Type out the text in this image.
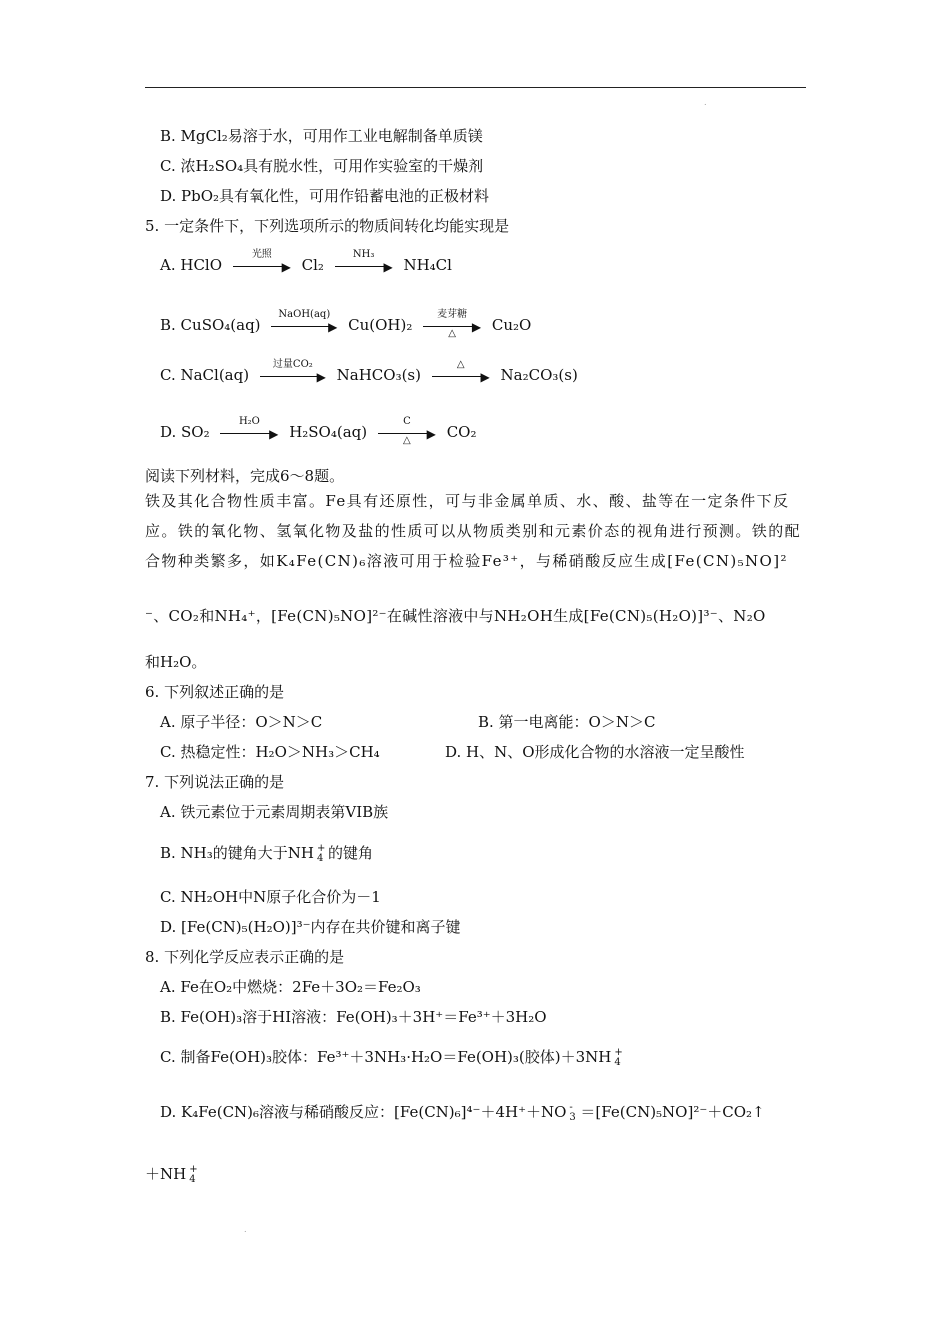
.
B. MgCl₂易溶于水，可用作工业电解制备单质镁
C. 浓H₂SO₄具有脱水性，可用作实验室的干燥剂
D. PbO₂具有氧化性，可用作铅蓄电池的正极材料
5. 一定条件下，下列选项所示的物质间转化均能实现是
A. HClO
光照
▶ Cl₂
NH₃
▶ NH₄Cl
B. CuSO₄(aq)
NaOH(aq)
▶ Cu(OH)₂
麦芽糖
▶
△	Cu₂O
C. NaCl(aq)
过量CO₂
▶ NaHCO₃(s)
△
▶ Na₂CO₃(s)
D. SO₂
H₂O
▶ H₂SO₄(aq)
C
▶
△	CO₂
阅读下列材料，完成6～8题。
铁及其化合物性质丰富。Fe具有还原性，可与非金属单质、水、酸、盐等在一定条件下反应。铁的氧化物、氢氧化物及盐的性质可以从物质类别和元素价态的视角进行预测。铁的配合物种类繁多，如K₄Fe(CN)₆溶液可用于检验Fe³⁺，与稀硝酸反应生成[Fe(CN)₅NO]²
⁻、CO₂和NH₄⁺，[Fe(CN)₅NO]²⁻在碱性溶液中与NH₂OH生成[Fe(CN)₅(H₂O)]³⁻、N₂O
和H₂O。
6. 下列叙述正确的是
A. 原子半径：O＞N＞C	B. 第一电离能：O＞N＞C
C. 热稳定性：H₂O＞NH₃＞CH₄	D. H、N、O形成化合物的水溶液一定呈酸性
7. 下列说法正确的是
A. 铁元素位于元素周期表第VIB族
B. NH₃的键角大于NH +
4 的键角
C. NH₂OH中N原子化合价为－1
D. [Fe(CN)₅(H₂O)]³⁻内存在共价键和离子键
8. 下列化学反应表示正确的是
A. Fe在O₂中燃烧：2Fe＋3O₂＝Fe₂O₃
B. Fe(OH)₃溶于HI溶液：Fe(OH)₃＋3H⁺＝Fe³⁺＋3H₂O
C. 制备Fe(OH)₃胶体：Fe³⁺＋3NH₃·H₂O＝Fe(OH)₃(胶体)＋3NH +
4
D. K₄Fe(CN)₆溶液与稀硝酸反应：[Fe(CN)₆]⁴⁻＋4H⁺＋NO -
3 ＝[Fe(CN)₅NO]²⁻＋CO₂↑
＋NH +
4
.
